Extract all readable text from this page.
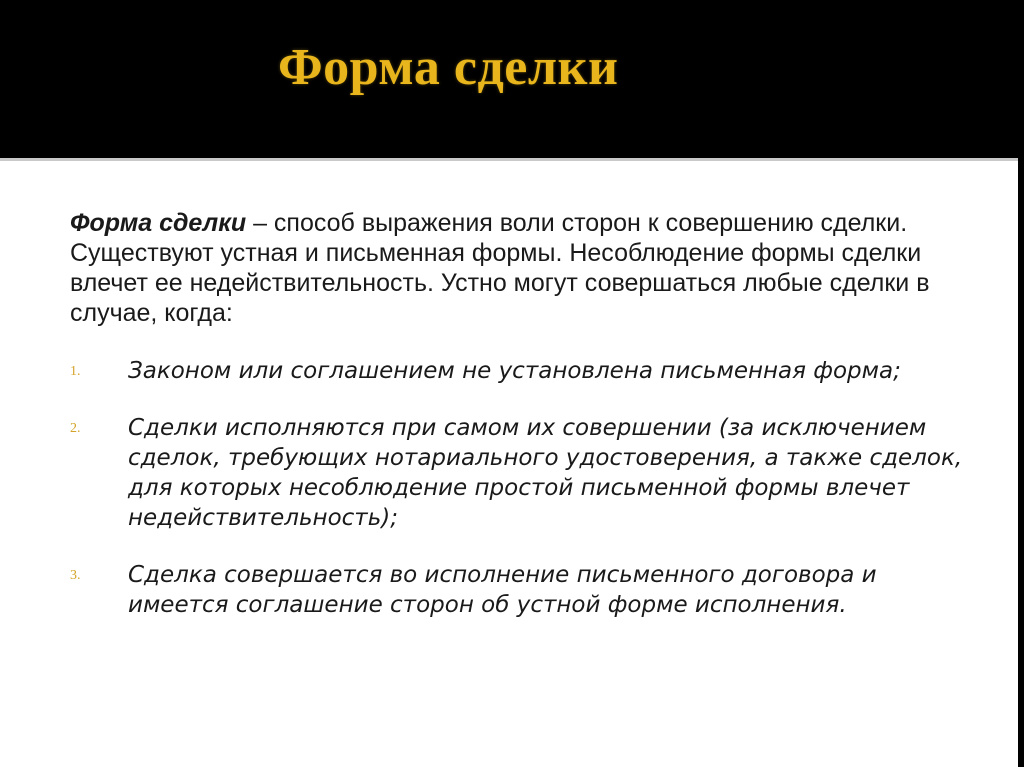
Форма сделки

Форма сделки – способ выражения воли сторон к совершению сделки. Существуют устная и письменная формы. Несоблюдение формы сделки влечет ее недействительность. Устно могут совершаться любые сделки в случае, когда:

1. Законом или соглашением не установлена письменная форма;
2. Сделки исполняются при самом их совершении (за исключением сделок, требующих нотариального удостоверения, а также сделок, для которых несоблюдение простой письменной формы влечет недействительность);
3. Сделка совершается во исполнение письменного договора и имеется соглашение сторон об устной форме исполнения.
